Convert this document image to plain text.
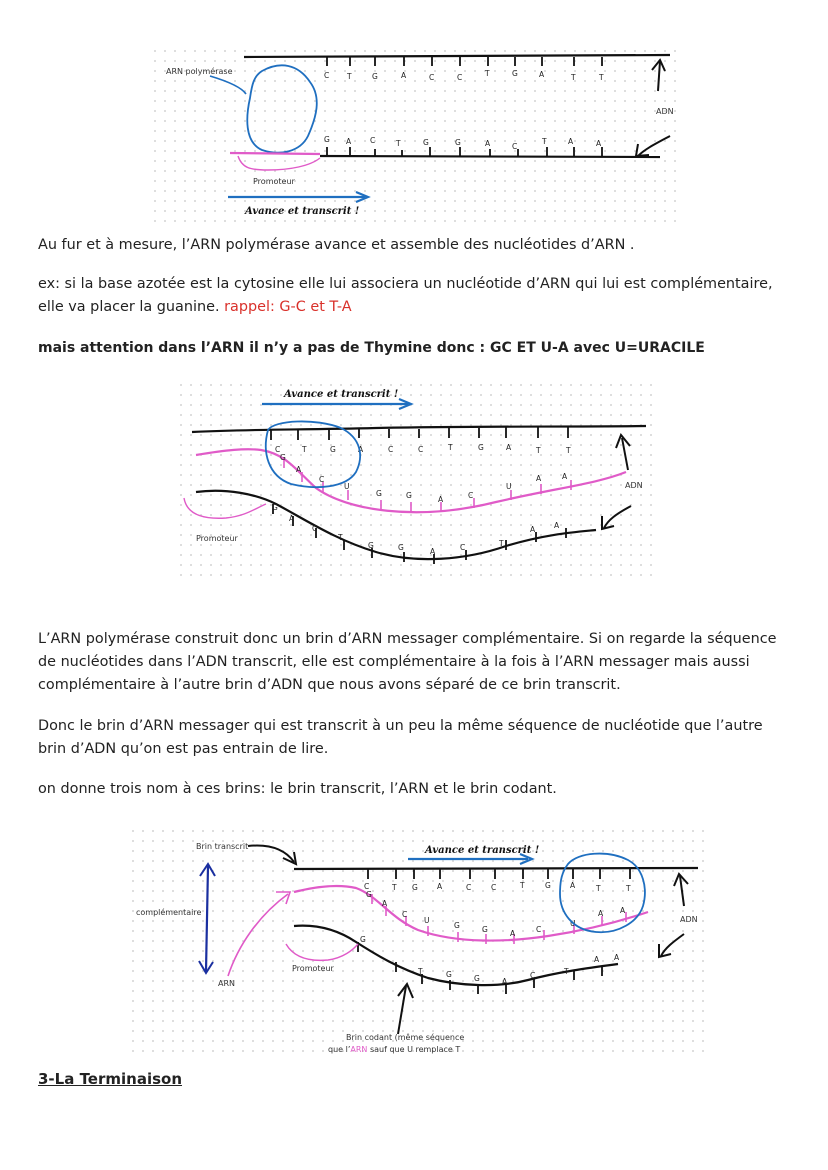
ARN polymérase	C T	G	A	C	C	T	G	A	T	T
ADN
G A	C	T	G	G	A	C
T	A	A
Promoteur
Avance et transcrit !

Au fur et à mesure, l’ARN polymérase avance et assemble des nucléotides d’ARN .

ex: si la base azotée est la cytosine elle lui associera un nucléotide d’ARN qui lui est complémentaire, elle va placer la guanine. rappel: G-C et T-A

mais attention dans l’ARN il n’y a pas de Thymine donc : GC ET U-A avec U=URACILE

Avance et transcrit !
C	T	G	A	C	C	T	G	A	T	T
G
A
C
U
G	G	A	C
U
A	A
G
A
C
T
G	G	A	C	T
A	A
Promoteur
ADN

L’ARN polymérase construit donc un brin d’ARN messager complémentaire. Si on regarde la séquence de nucléotides dans l’ADN transcrit, elle est complémentaire à la fois à l’ARN messager mais aussi complémentaire à l’autre brin d’ADN que nous avons séparé de ce brin transcrit.

Donc le brin d’ARN messager qui est transcrit à un peu la même séquence de nucléotide que l’autre brin d’ADN qu’on est pas entrain de lire.

on donne trois nom à ces brins: le brin transcrit, l’ARN et le brin codant.

Brin transcrit
complémentaire
ARN
Avance et transcrit !
C	T G	A	C	C	T	G	A	T	T
G
A
C
U
G	G	A	C
U
A A
G
T	G	G	A
C	T
A A
Promoteur
Brin codant (même séquence
que l’ARN sauf que U remplace T
ADN

3-La Terminaison
